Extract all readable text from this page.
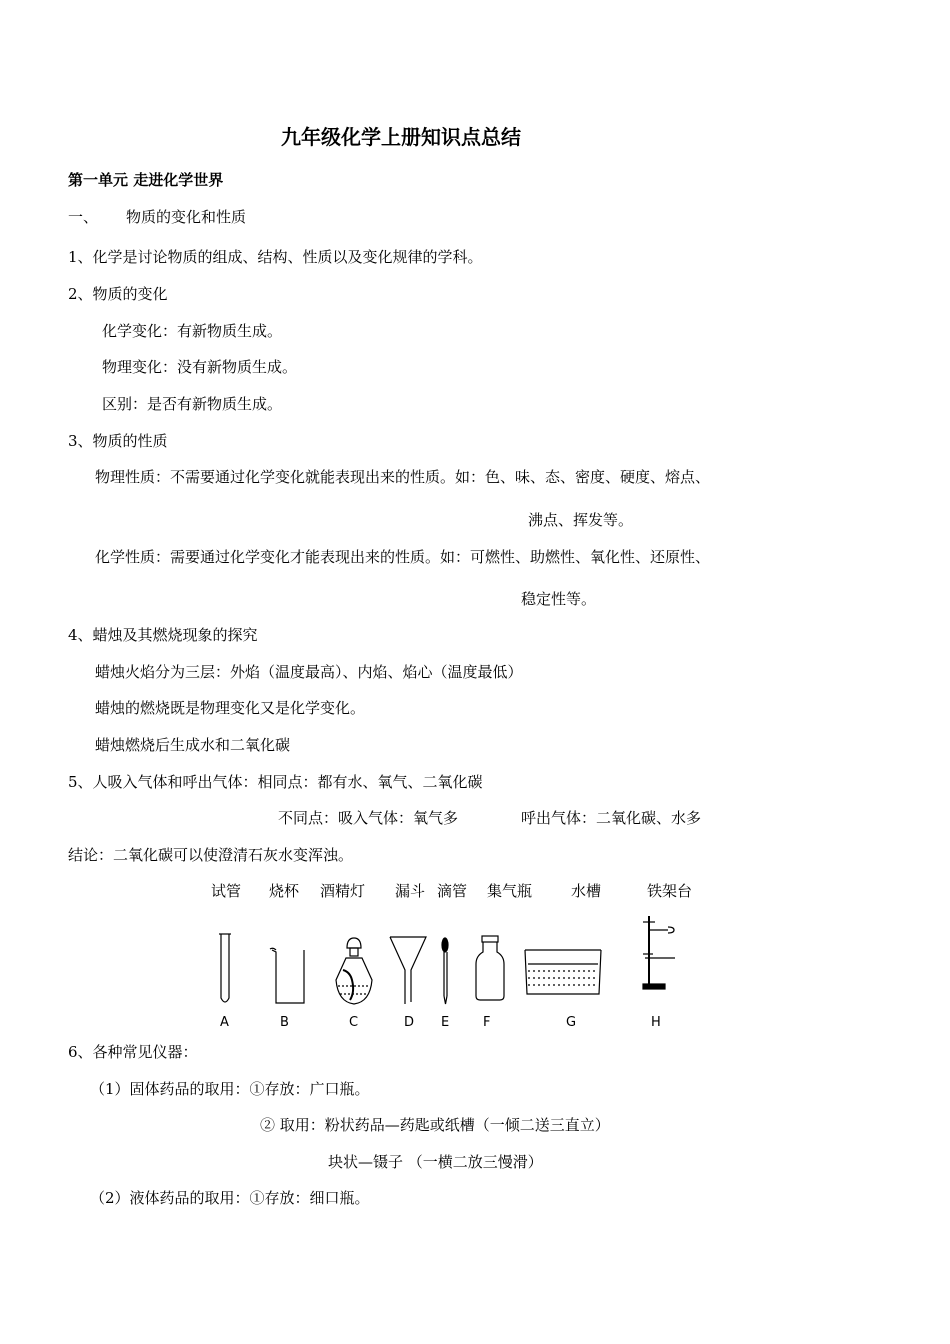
九年级化学上册知识点总结
第一单元 走进化学世界
一、 物质的变化和性质
1、化学是讨论物质的组成、结构、性质以及变化规律的学科。
2、物质的变化
化学变化：有新物质生成。
物理变化：没有新物质生成。
区别：是否有新物质生成。
3、物质的性质
物理性质：不需要通过化学变化就能表现出来的性质。如：色、味、态、密度、硬度、熔点、
沸点、挥发等。
化学性质：需要通过化学变化才能表现出来的性质。如：可燃性、助燃性、氧化性、还原性、
稳定性等。
4、蜡烛及其燃烧现象的探究
蜡烛火焰分为三层：外焰（温度最高）、内焰、焰心（温度最低）
蜡烛的燃烧既是物理变化又是化学变化。
蜡烛燃烧后生成水和二氧化碳
5、人吸入气体和呼出气体：相同点：都有水、氧气、二氧化碳
不同点：吸入气体：氧气多	呼出气体：二氧化碳、水多
结论：二氧化碳可以使澄清石灰水变浑浊。
试管 烧杯 酒精灯 漏斗 滴管 集气瓶	水槽	铁架台
A	B	C	D E	F	G	H
6、各种常见仪器：
（1）固体药品的取用：①存放：广口瓶。
② 取用：粉状药品—药匙或纸槽（一倾二送三直立）
块状—镊子 （一横二放三慢滑）
（2）液体药品的取用：①存放：细口瓶。
